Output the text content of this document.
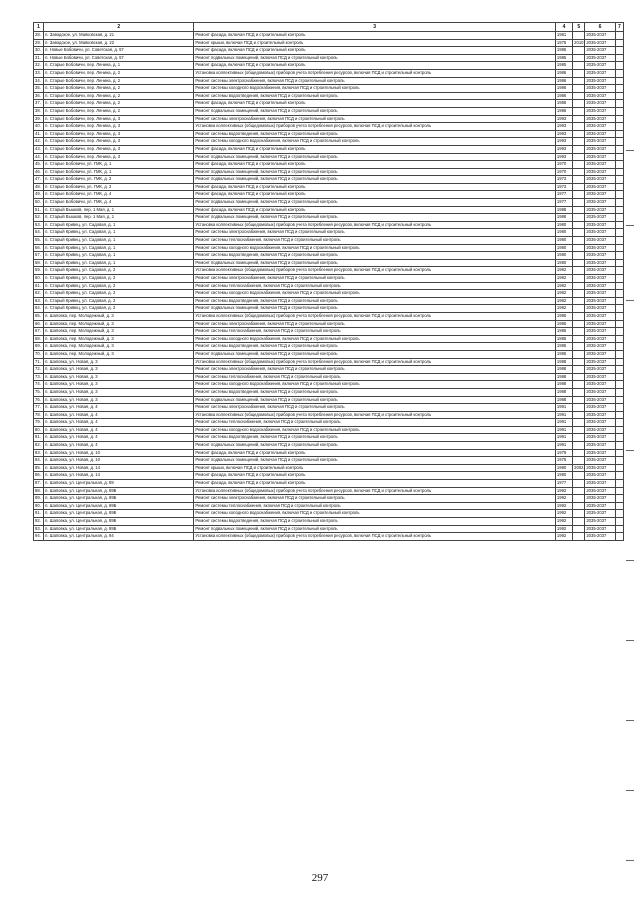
1	2	3	4	5	6	7
28.	п. Заводское, ул. Маяковская, д. 21	Ремонт фасада, включая ПСД и строительный контроль	1981		2035-2037	
29.	п. Заводское, ул. Маяковская, д. 22	Ремонт крыши, включая ПСД и строительный контроль	1975	2010	2035-2037	
30.	п. Новые Бобовичи, ул. Советская, д. 57	Ремонт фасада, включая ПСД и строительный контроль	1985		2035-2037	
31.	п. Новые Бобовичи, ул. Советская, д. 57	Ремонт подвальных помещений, включая ПСД и строительный контроль	1985		2035-2037	
32.	п. Старые Бобовичи, пер. Ленина, д. 1	Ремонт фасада, включая ПСД и строительный контроль	1985		2035-2037	
33.	п. Старые Бобовичи, пер. Ленина, д. 2	Установка коллективных (общедомовых) приборов учета потребления ресурсов, включая ПСД и строительный контроль	1986		2035-2037	
34.	п. Старые Бобовичи, пер. Ленина, д. 2	Ремонт системы электроснабжения, включая ПСД и строительный контроль	1986		2035-2037	
35.	п. Старые Бобовичи, пер. Ленина, д. 2	Ремонт системы холодного водоснабжения, включая ПСД и строительный контроль	1986		2035-2037	
36.	п. Старые Бобовичи, пер. Ленина, д. 2	Ремонт системы водоотведения, включая ПСД и строительный контроль	1986		2035-2037	
37.	п. Старые Бобовичи, пер. Ленина, д. 2	Ремонт фасада, включая ПСД и строительный контроль	1986		2035-2037	
38.	п. Старые Бобовичи, пер. Ленина, д. 2	Ремонт подвальных помещений, включая ПСД и строительный контроль	1986		2035-2037	
39.	п. Старые Бобовичи, пер. Ленина, д. 3	Ремонт системы электроснабжения, включая ПСД и строительный контроль	1993		2035-2037	
40.	п. Старые Бобовичи, пер. Ленина, д. 3	Установка коллективных (общедомовых) приборов учета потребления ресурсов, включая ПСД и строительный контроль	1993		2035-2037	
41.	п. Старые Бобовичи, пер. Ленина, д. 3	Ремонт системы водоотведения, включая ПСД и строительный контроль	1993		2035-2037	
42.	п. Старые Бобовичи, пер. Ленина, д. 3	Ремонт системы холодного водоснабжения, включая ПСД и строительный контроль	1993		2035-2037	
43.	п. Старые Бобовичи, пер. Ленина, д. 3	Ремонт фасада, включая ПСД и строительный контроль	1993		2035-2037	
44.	п. Старые Бобовичи, пер. Ленина, д. 3	Ремонт подвальных помещений, включая ПСД и строительный контроль	1993		2035-2037	
45.	п. Старые Бобовичи, ул. ГМК, д. 1	Ремонт фасада, включая ПСД и строительный контроль	1970		2035-2037	
46.	п. Старые Бобовичи, ул. ГМК, д. 1	Ремонт подвальных помещений, включая ПСД и строительный контроль	1970		2035-2037	
47.	п. Старые Бобовичи, ул. ГМК, д. 2	Ремонт подвальных помещений, включая ПСД и строительный контроль	1973		2035-2037	
48.	п. Старые Бобовичи, ул. ГМК, д. 2	Ремонт фасада, включая ПСД и строительный контроль	1973		2035-2037	
49.	п. Старые Бобовичи, ул. ГМК, д. 4	Ремонт фасада, включая ПСД и строительный контроль	1977		2035-2037	
50.	п. Старые Бобовичи, ул. ГМК, д. 4	Ремонт подвальных помещений, включая ПСД и строительный контроль	1977		2035-2037	
51.	п. Старый Вышков, пер. 1 Мая, д. 1	Ремонт фасада, включая ПСД и строительный контроль	1988		2035-2037	
52.	п. Старый Вышков, пер. 1 Мая, д. 1	Ремонт подвальных помещений, включая ПСД и строительный контроль	1988		2035-2037	
53.	п. Старый Кривец, ул. Садовая, д. 1	Установка коллективных (общедомовых) приборов учета потребления ресурсов, включая ПСД и строительный контроль	1980		2035-2037	
54.	п. Старый Кривец, ул. Садовая, д. 1	Ремонт системы электроснабжения, включая ПСД и строительный контроль	1980		2035-2037	
55.	п. Старый Кривец, ул. Садовая, д. 1	Ремонт системы теплоснабжения, включая ПСД и строительный контроль	1980		2035-2037	
56.	п. Старый Кривец, ул. Садовая, д. 1	Ремонт системы холодного водоснабжения, включая ПСД и строительный контроль	1980		2035-2037	
57.	п. Старый Кривец, ул. Садовая, д. 1	Ремонт системы водоотведения, включая ПСД и строительный контроль	1980		2035-2037	
58.	п. Старый Кривец, ул. Садовая, д. 1	Ремонт подвальных помещений, включая ПСД и строительный контроль	1980		2035-2037	
59.	п. Старый Кривец, ул. Садовая, д. 2	Установка коллективных (общедомовых) приборов учета потребления ресурсов, включая ПСД и строительный контроль	1982		2035-2037	
60.	п. Старый Кривец, ул. Садовая, д. 2	Ремонт системы электроснабжения, включая ПСД и строительный контроль	1982		2035-2037	
61.	п. Старый Кривец, ул. Садовая, д. 2	Ремонт системы теплоснабжения, включая ПСД и строительный контроль	1982		2035-2037	
62.	п. Старый Кривец, ул. Садовая, д. 2	Ремонт системы холодного водоснабжения, включая ПСД и строительный контроль	1982		2035-2037	
63.	п. Старый Кривец, ул. Садовая, д. 2	Ремонт системы водоотведения, включая ПСД и строительный контроль	1982		2035-2037	
64.	п. Старый Кривец, ул. Садовая, д. 2	Ремонт подвальных помещений, включая ПСД и строительный контроль	1982		2035-2037	
65.	п. Шаповка, пер. Молодежный, д. 3	Установка коллективных (общедомовых) приборов учета потребления ресурсов, включая ПСД и строительный контроль	1985		2035-2037	
66.	п. Шаповка, пер. Молодежный, д. 3	Ремонт системы электроснабжения, включая ПСД и строительный контроль	1985		2035-2037	
67.	п. Шаповка, пер. Молодежный, д. 3	Ремонт системы теплоснабжения, включая ПСД и строительный контроль	1985		2035-2037	
68.	п. Шаповка, пер. Молодежный, д. 3	Ремонт системы холодного водоснабжения, включая ПСД и строительный контроль	1985		2035-2037	
69.	п. Шаповка, пер. Молодежный, д. 3	Ремонт системы водоотведения, включая ПСД и строительный контроль	1985		2035-2037	
70.	п. Шаповка, пер. Молодежный, д. 3	Ремонт подвальных помещений, включая ПСД и строительный контроль	1985		2035-2037	
71.	п. Шаповка, ул. Новая, д. 3	Установка коллективных (общедомовых) приборов учета потребления ресурсов, включая ПСД и строительный контроль	1988		2035-2037	
72.	п. Шаповка, ул. Новая, д. 3	Ремонт системы электроснабжения, включая ПСД и строительный контроль	1988		2035-2037	
73.	п. Шаповка, ул. Новая, д. 3	Ремонт системы теплоснабжения, включая ПСД и строительный контроль	1988		2035-2037	
74.	п. Шаповка, ул. Новая, д. 3	Ремонт системы холодного водоснабжения, включая ПСД и строительный контроль	1988		2035-2037	
75.	п. Шаповка, ул. Новая, д. 3	Ремонт системы водоотведения, включая ПСД и строительный контроль	1988		2035-2037	
76.	п. Шаповка, ул. Новая, д. 3	Ремонт подвальных помещений, включая ПСД и строительный контроль	1988		2035-2037	
77.	п. Шаповка, ул. Новая, д. 4	Ремонт системы электроснабжения, включая ПСД и строительный контроль	1991		2035-2037	
78.	п. Шаповка, ул. Новая, д. 4	Установка коллективных (общедомовых) приборов учета потребления ресурсов, включая ПСД и строительный контроль	1991		2035-2037	
79.	п. Шаповка, ул. Новая, д. 4	Ремонт системы теплоснабжения, включая ПСД и строительный контроль	1991		2035-2037	
80.	п. Шаповка, ул. Новая, д. 4	Ремонт системы холодного водоснабжения, включая ПСД и строительный контроль	1991		2035-2037	
81.	п. Шаповка, ул. Новая, д. 4	Ремонт системы водоотведения, включая ПСД и строительный контроль	1991		2035-2037	
82.	п. Шаповка, ул. Новая, д. 4	Ремонт подвальных помещений, включая ПСД и строительный контроль	1991		2035-2037	
83.	п. Шаповка, ул. Новая, д. 10	Ремонт фасада, включая ПСД и строительный контроль	1975		2035-2037	
84.	п. Шаповка, ул. Новая, д. 10	Ремонт подвальных помещений, включая ПСД и строительный контроль	1975		2035-2037	
85.	п. Шаповка, ул. Новая, д. 14	Ремонт крыши, включая ПСД и строительный контроль	1980	2002	2035-2037	
86.	п. Шаповка, ул. Новая, д. 14	Ремонт фасада, включая ПСД и строительный контроль	1980		2035-2037	
87.	п. Шаповка, ул. Центральная, д. 89	Ремонт фасада, включая ПСД и строительный контроль	1977		2035-2037	
88.	п. Шаповка, ул. Центральная, д. 89Б	Установка коллективных (общедомовых) приборов учета потребления ресурсов, включая ПСД и строительный контроль	1992		2035-2037	
89.	п. Шаповка, ул. Центральная, д. 89Б	Ремонт системы электроснабжения, включая ПСД и строительный контроль	1992		2035-2037	
90.	п. Шаповка, ул. Центральная, д. 89Б	Ремонт системы теплоснабжения, включая ПСД и строительный контроль	1992		2035-2037	
91.	п. Шаповка, ул. Центральная, д. 89Б	Ремонт системы холодного водоснабжения, включая ПСД и строительный контроль	1992		2035-2037	
92.	п. Шаповка, ул. Центральная, д. 89Б	Ремонт системы водоотведения, включая ПСД и строительный контроль	1992		2035-2037	
93.	п. Шаповка, ул. Центральная, д. 89Б	Ремонт подвальных помещений, включая ПСД и строительный контроль	1992		2035-2037	
94.	п. Шаповка, ул. Центральная, д. 94	Установка коллективных (общедомовых) приборов учета потребления ресурсов, включая ПСД и строительный контроль	1992		2035-2037	
297
